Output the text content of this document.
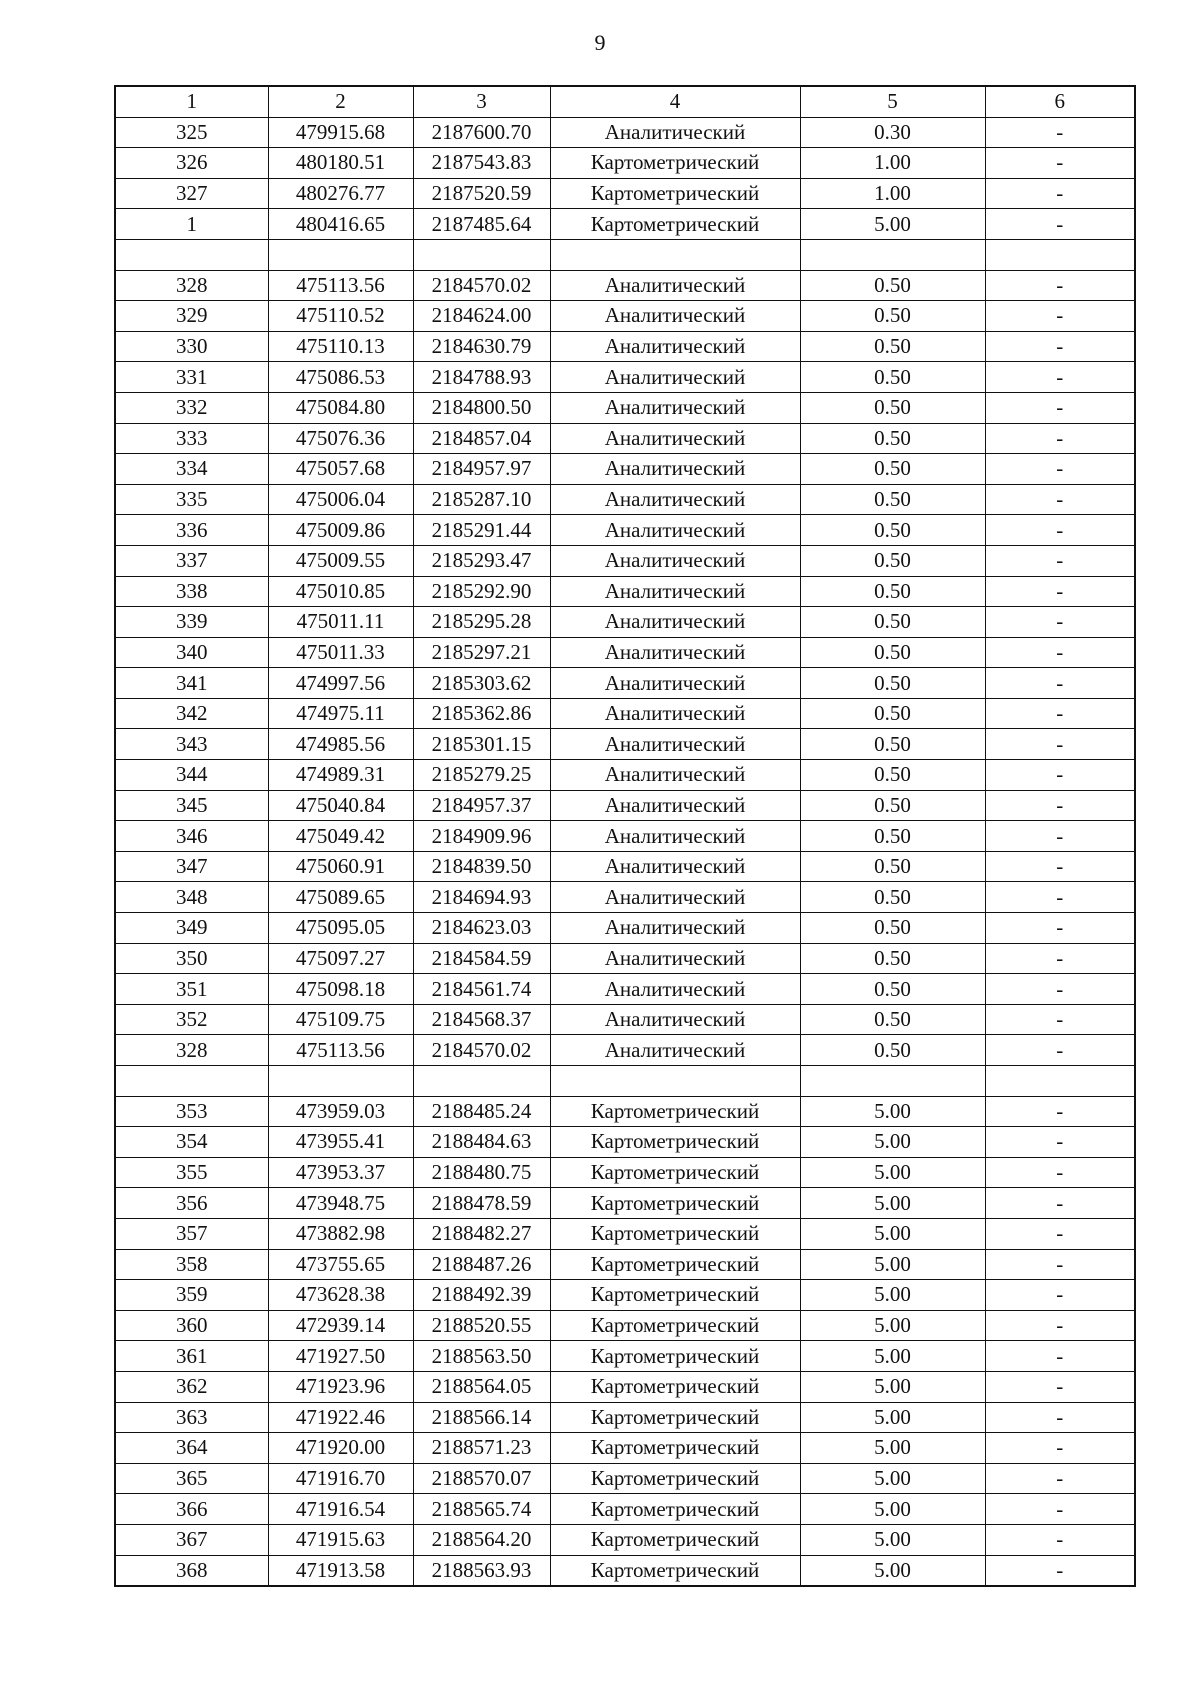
9
1	2	3	4	5	6
325	479915.68	2187600.70	Аналитический	0.30	-
326	480180.51	2187543.83	Картометрический	1.00	-
327	480276.77	2187520.59	Картометрический	1.00	-
1	480416.65	2187485.64	Картометрический	5.00	-

328	475113.56	2184570.02	Аналитический	0.50	-
329	475110.52	2184624.00	Аналитический	0.50	-
330	475110.13	2184630.79	Аналитический	0.50	-
331	475086.53	2184788.93	Аналитический	0.50	-
332	475084.80	2184800.50	Аналитический	0.50	-
333	475076.36	2184857.04	Аналитический	0.50	-
334	475057.68	2184957.97	Аналитический	0.50	-
335	475006.04	2185287.10	Аналитический	0.50	-
336	475009.86	2185291.44	Аналитический	0.50	-
337	475009.55	2185293.47	Аналитический	0.50	-
338	475010.85	2185292.90	Аналитический	0.50	-
339	475011.11	2185295.28	Аналитический	0.50	-
340	475011.33	2185297.21	Аналитический	0.50	-
341	474997.56	2185303.62	Аналитический	0.50	-
342	474975.11	2185362.86	Аналитический	0.50	-
343	474985.56	2185301.15	Аналитический	0.50	-
344	474989.31	2185279.25	Аналитический	0.50	-
345	475040.84	2184957.37	Аналитический	0.50	-
346	475049.42	2184909.96	Аналитический	0.50	-
347	475060.91	2184839.50	Аналитический	0.50	-
348	475089.65	2184694.93	Аналитический	0.50	-
349	475095.05	2184623.03	Аналитический	0.50	-
350	475097.27	2184584.59	Аналитический	0.50	-
351	475098.18	2184561.74	Аналитический	0.50	-
352	475109.75	2184568.37	Аналитический	0.50	-
328	475113.56	2184570.02	Аналитический	0.50	-

353	473959.03	2188485.24	Картометрический	5.00	-
354	473955.41	2188484.63	Картометрический	5.00	-
355	473953.37	2188480.75	Картометрический	5.00	-
356	473948.75	2188478.59	Картометрический	5.00	-
357	473882.98	2188482.27	Картометрический	5.00	-
358	473755.65	2188487.26	Картометрический	5.00	-
359	473628.38	2188492.39	Картометрический	5.00	-
360	472939.14	2188520.55	Картометрический	5.00	-
361	471927.50	2188563.50	Картометрический	5.00	-
362	471923.96	2188564.05	Картометрический	5.00	-
363	471922.46	2188566.14	Картометрический	5.00	-
364	471920.00	2188571.23	Картометрический	5.00	-
365	471916.70	2188570.07	Картометрический	5.00	-
366	471916.54	2188565.74	Картометрический	5.00	-
367	471915.63	2188564.20	Картометрический	5.00	-
368	471913.58	2188563.93	Картометрический	5.00	-
